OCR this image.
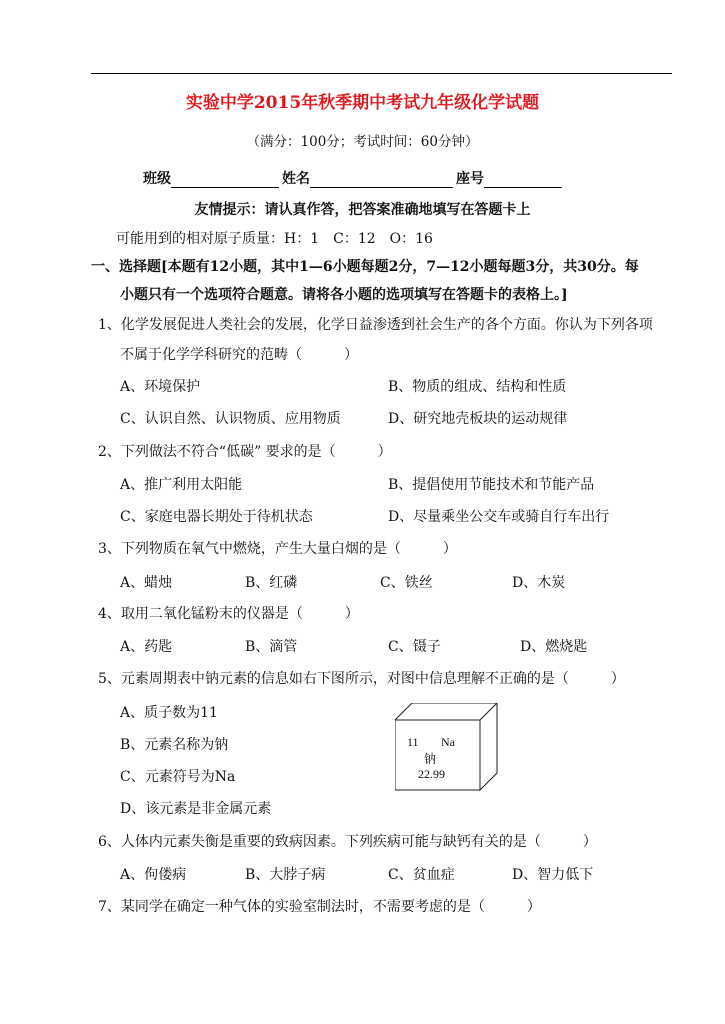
实验中学2015年秋季期中考试九年级化学试题
（满分：100分；考试时间：60分钟）
班级	姓名	座号
友情提示：请认真作答，把答案准确地填写在答题卡上
可能用到的相对原子质量：H：1　C：12　O：16
一、选择题[本题有12小题，其中1—6小题每题2分，7—12小题每题3分，共30分。每
小题只有一个选项符合题意。请将各小题的选项填写在答题卡的表格上。]
1、化学发展促进人类社会的发展，化学日益渗透到社会生产的各个方面。你认为下列各项
不属于化学学科研究的范畴（　　　）
A、环境保护	B、物质的组成、结构和性质
C、认识自然、认识物质、应用物质	D、研究地壳板块的运动规律
2、下列做法不符合“低碳” 要求的是（　　　）
A、推广利用太阳能	B、提倡使用节能技术和节能产品
C、家庭电器长期处于待机状态	D、尽量乘坐公交车或骑自行车出行
3、下列物质在氧气中燃烧，产生大量白烟的是（　　　）
A、蜡烛	B、红磷	C、铁丝	D、木炭
4、取用二氧化锰粉末的仪器是（　　　）
A、药匙	B、滴管	C、镊子	D、燃烧匙
5、元素周期表中钠元素的信息如右下图所示，对图中信息理解不正确的是（　　　）
A、质子数为11
B、元素名称为钠
C、元素符号为Na
D、该元素是非金属元素
11 Na
钠
22.99
6、人体内元素失衡是重要的致病因素。下列疾病可能与缺钙有关的是（　　　）
A、佝偻病	B、大脖子病	C、贫血症	D、智力低下
7、某同学在确定一种气体的实验室制法时，不需要考虑的是（　　　）
